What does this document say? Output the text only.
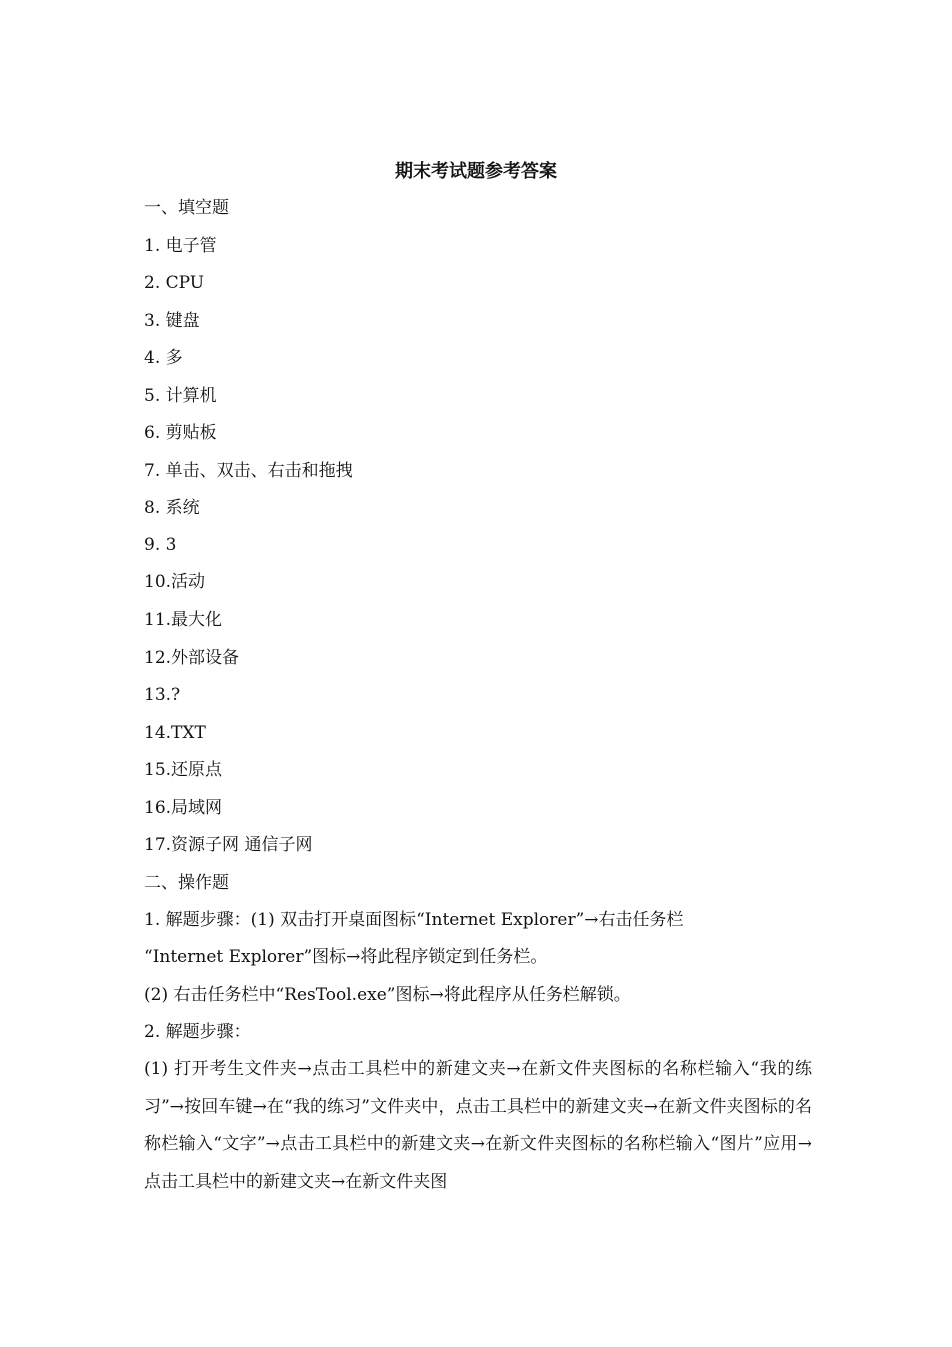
期末考试题参考答案
一、填空题
1. 电子管
2. CPU
3. 键盘
4. 多
5. 计算机
6. 剪贴板
7. 单击、双击、右击和拖拽
8. 系统
9. 3
10.活动
11.最大化
12.外部设备
13.?
14.TXT
15.还原点
16.局域网
17.资源子网 通信子网
二、操作题
1. 解题步骤：(1) 双击打开桌面图标“Internet Explorer”→右击任务栏
“Internet Explorer”图标→将此程序锁定到任务栏。
(2) 右击任务栏中“ResTool.exe”图标→将此程序从任务栏解锁。
2. 解题步骤：
(1) 打开考生文件夹→点击工具栏中的新建文夹→在新文件夹图标的名称栏输入“我的练习”→按回车键→在“我的练习”文件夹中，点击工具栏中的新建文夹→在新文件夹图标的名称栏输入“文字”→点击工具栏中的新建文夹→在新文件夹图标的名称栏输入“图片”应用→点击工具栏中的新建文夹→在新文件夹图
